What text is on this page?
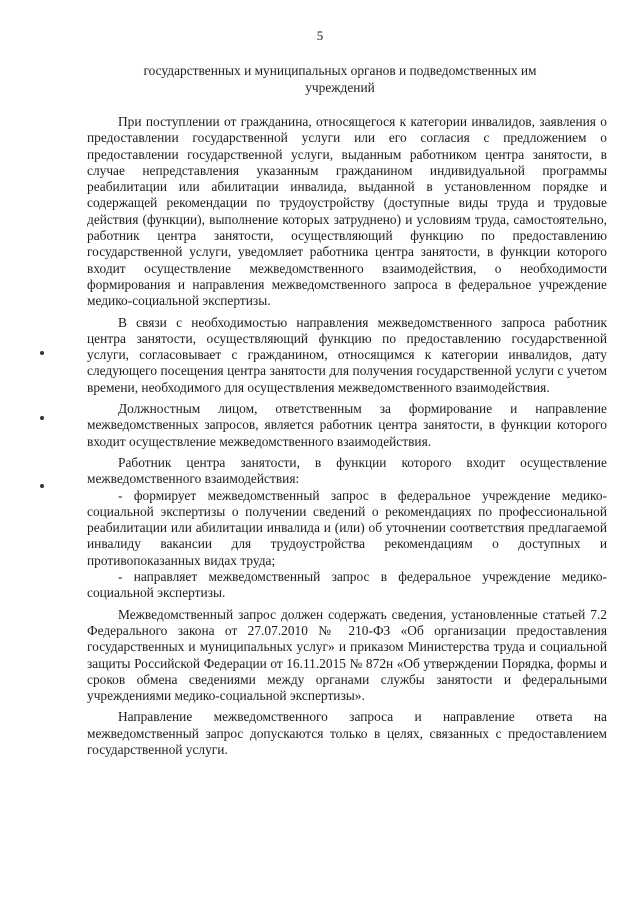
5
государственных и муниципальных органов и подведомственных им учреждений

При поступлении от гражданина, относящегося к категории инвалидов, заявления о предоставлении государственной услуги или его согласия с предложением о предоставлении государственной услуги, выданным работником центра занятости, в случае непредставления указанным гражданином индивидуальной программы реабилитации или абилитации инвалида, выданной в установленном порядке и содержащей рекомендации по трудоустройству (доступные виды труда и трудовые действия (функции), выполнение которых затруднено) и условиям труда, самостоятельно, работник центра занятости, осуществляющий функцию по предоставлению государственной услуги, уведомляет работника центра занятости, в функции которого входит осуществление межведомственного взаимодействия, о необходимости формирования и направления межведомственного запроса в федеральное учреждение медико-социальной экспертизы.

В связи с необходимостью направления межведомственного запроса работник центра занятости, осуществляющий функцию по предоставлению государственной услуги, согласовывает с гражданином, относящимся к категории инвалидов, дату следующего посещения центра занятости для получения государственной услуги с учетом времени, необходимого для осуществления межведомственного взаимодействия.

Должностным лицом, ответственным за формирование и направление межведомственных запросов, является работник центра занятости, в функции которого входит осуществление межведомственного взаимодействия.

Работник центра занятости, в функции которого входит осуществление межведомственного взаимодействия:

- формирует межведомственный запрос в федеральное учреждение медико-социальной экспертизы о получении сведений о рекомендациях по профессиональной реабилитации или абилитации инвалида и (или) об уточнении соответствия предлагаемой инвалиду вакансии для трудоустройства рекомендациям о доступных и противопоказанных видах труда;

- направляет межведомственный запрос в федеральное учреждение медико-социальной экспертизы.

Межведомственный запрос должен содержать сведения, установленные статьей 7.2 Федерального закона от 27.07.2010 № 210-ФЗ «Об организации предоставления государственных и муниципальных услуг» и приказом Министерства труда и социальной защиты Российской Федерации от 16.11.2015 № 872н «Об утверждении Порядка, формы и сроков обмена сведениями между органами службы занятости и федеральными учреждениями медико-социальной экспертизы».

Направление межведомственного запроса и направление ответа на межведомственный запрос допускаются только в целях, связанных с предоставлением государственной услуги.
